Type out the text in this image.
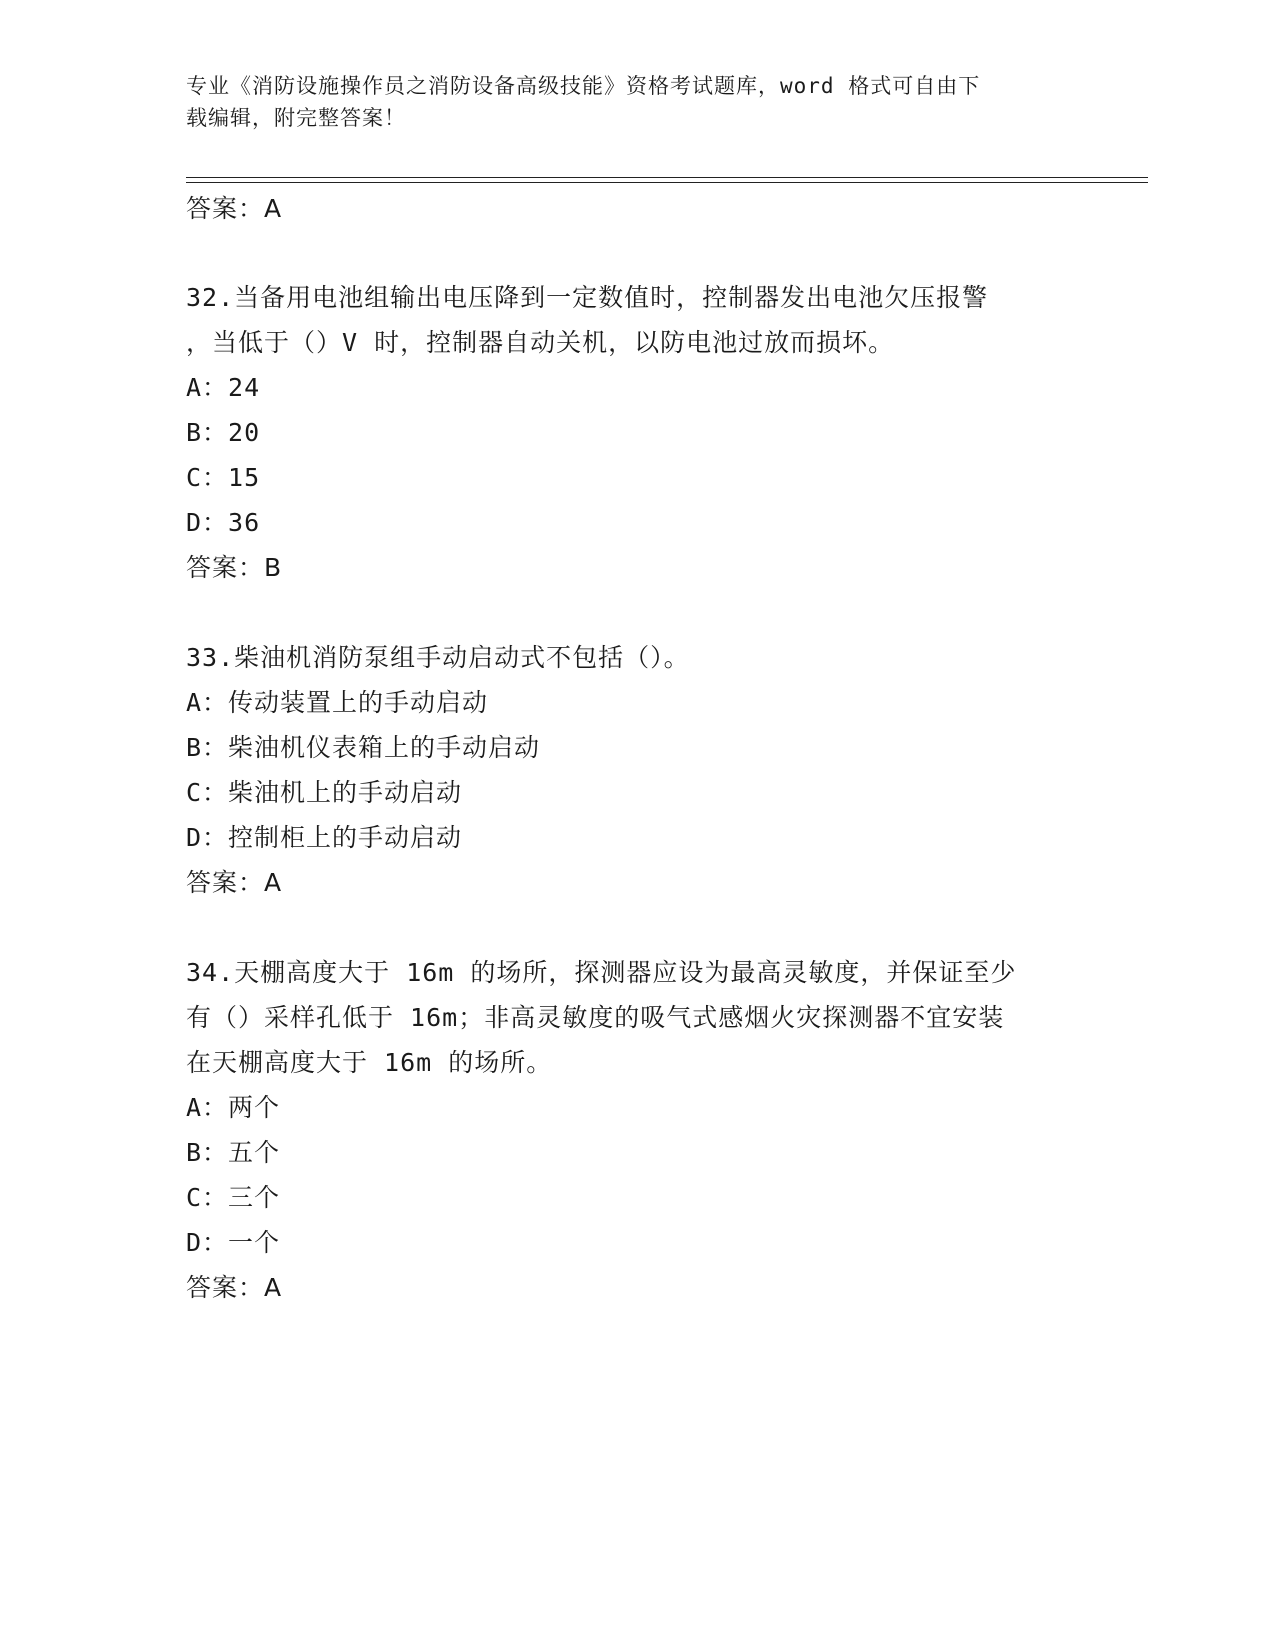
专业《消防设施操作员之消防设备高级技能》资格考试题库，word 格式可自由下
载编辑，附完整答案！
答案：A
32.当备用电池组输出电压降到一定数值时，控制器发出电池欠压报警
，当低于（）V 时，控制器自动关机，以防电池过放而损坏。
A：24
B：20
C：15
D：36
答案：B
33.柴油机消防泵组手动启动式不包括（）。
A：传动装置上的手动启动
B：柴油机仪表箱上的手动启动
C：柴油机上的手动启动
D：控制柜上的手动启动
答案：A
34.天棚高度大于 16m 的场所，探测器应设为最高灵敏度，并保证至少
有（）采样孔低于 16m；非高灵敏度的吸气式感烟火灾探测器不宜安装
在天棚高度大于 16m 的场所。
A：两个
B：五个
C：三个
D：一个
答案：A
